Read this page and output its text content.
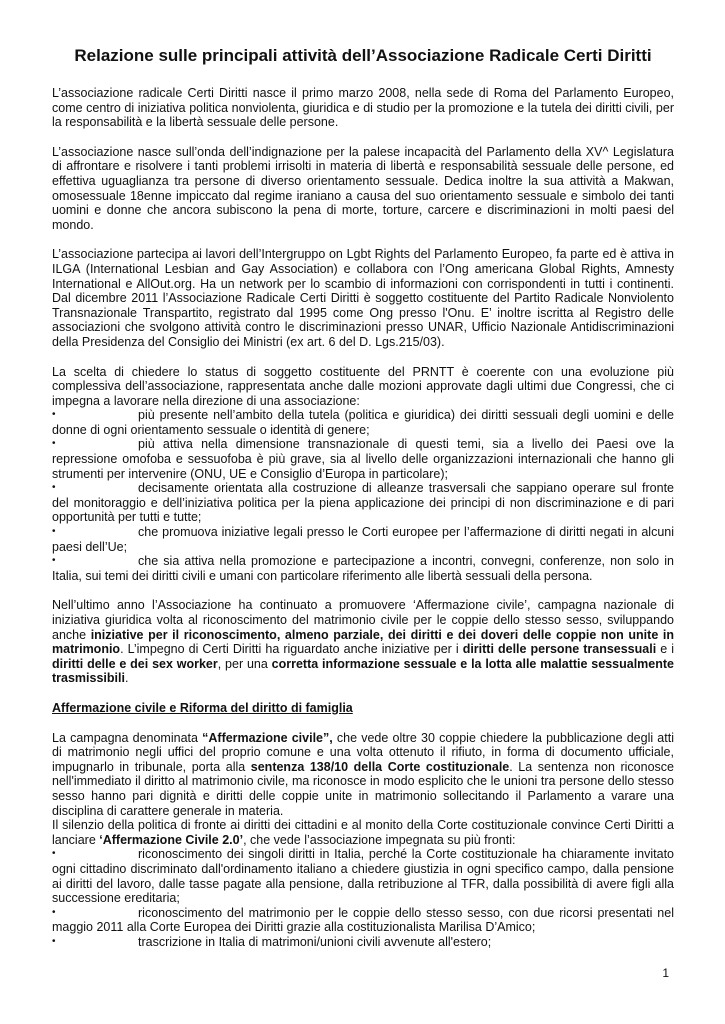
Relazione sulle principali attività dell’Associazione Radicale Certi Diritti

L’associazione radicale Certi Diritti nasce il primo marzo 2008, nella sede di Roma del Parlamento Europeo, come centro di iniziativa politica nonviolenta, giuridica e di studio per la promozione e la tutela dei diritti civili, per la responsabilità e la libertà sessuale delle persone.

L’associazione nasce sull’onda dell’indignazione per la palese incapacità del Parlamento della XV^ Legislatura di affrontare e risolvere i tanti problemi irrisolti in materia di libertà e responsabilità sessuale delle persone, ed effettiva uguaglianza tra persone di diverso orientamento sessuale. Dedica inoltre la sua attività a Makwan, omosessuale 18enne impiccato dal regime iraniano a causa del suo orientamento sessuale e simbolo dei tanti uomini e donne che ancora subiscono la pena di morte, torture, carcere e discriminazioni in molti paesi del mondo.

L’associazione partecipa ai lavori dell’Intergruppo on Lgbt Rights del Parlamento Europeo, fa parte ed è attiva in ILGA (International Lesbian and Gay Association) e collabora con l’Ong americana Global Rights, Amnesty International e AllOut.org. Ha un network per lo scambio di informazioni con corrispondenti in tutti i continenti. Dal dicembre 2011 l’Associazione Radicale Certi Diritti è soggetto costituente del Partito Radicale Nonviolento Transnazionale Transpartito, registrato dal 1995 come Ong presso l'Onu. E’ inoltre iscritta al Registro delle associazioni che svolgono attività contro le discriminazioni presso UNAR, Ufficio Nazionale Antidiscriminazioni della Presidenza del Consiglio dei Ministri (ex art. 6 del D. Lgs.215/03).

La scelta di chiedere lo status di soggetto costituente del PRNTT è coerente con una evoluzione più complessiva dell’associazione, rappresentata anche dalle mozioni approvate dagli ultimi due Congressi, che ci impegna a lavorare nella direzione di una associazione:

•	più presente nell’ambito della tutela (politica e giuridica) dei diritti sessuali degli uomini e delle donne di ogni orientamento sessuale o identità di genere;
•	più attiva nella dimensione transnazionale di questi temi, sia a livello dei Paesi ove la repressione omofoba e sessuofoba è più grave, sia al livello delle organizzazioni internazionali che hanno gli strumenti per intervenire (ONU, UE e Consiglio d’Europa in particolare);
•	decisamente orientata alla costruzione di alleanze trasversali che sappiano operare sul fronte del monitoraggio e dell’iniziativa politica per la piena applicazione dei principi di non discriminazione e di pari opportunità per tutti e tutte;
•	che promuova iniziative legali presso le Corti europee per l’affermazione di diritti negati in alcuni paesi dell’Ue;
•	che sia attiva nella promozione e partecipazione a incontri, convegni, conferenze, non solo in Italia, sui temi dei diritti civili e umani con particolare riferimento alle libertà sessuali della persona.

Nell’ultimo anno l’Associazione ha continuato a promuovere ‘Affermazione civile’, campagna nazionale di iniziativa giuridica volta al riconoscimento del matrimonio civile per le coppie dello stesso sesso, sviluppando anche iniziative per il riconoscimento, almeno parziale, dei diritti e dei doveri delle coppie non unite in matrimonio. L’impegno di Certi Diritti ha riguardato anche iniziative per i diritti delle persone transessuali e i diritti delle e dei sex worker, per una corretta informazione sessuale e la lotta alle malattie sessualmente trasmissibili.

Affermazione civile e Riforma del diritto di famiglia

La campagna denominata “Affermazione civile”, che vede oltre 30 coppie chiedere la pubblicazione degli atti di matrimonio negli uffici del proprio comune e una volta ottenuto il rifiuto, in forma di documento ufficiale, impugnarlo in tribunale, porta alla sentenza 138/10 della Corte costituzionale. La sentenza non riconosce nell'immediato il diritto al matrimonio civile, ma riconosce in modo esplicito che le unioni tra persone dello stesso sesso hanno pari dignità e diritti delle coppie unite in matrimonio sollecitando il Parlamento a varare una disciplina di carattere generale in materia.

Il silenzio della politica di fronte ai diritti dei cittadini e al monito della Corte costituzionale convince Certi Diritti a lanciare ‘Affermazione Civile 2.0’, che vede l’associazione impegnata su più fronti:

•	riconoscimento dei singoli diritti in Italia, perché la Corte costituzionale ha chiaramente invitato ogni cittadino discriminato dall'ordinamento italiano a chiedere giustizia in ogni specifico campo, dalla pensione ai diritti del lavoro, dalle tasse pagate alla pensione, dalla retribuzione al TFR, dalla possibilità di avere figli alla successione ereditaria;
•	riconoscimento del matrimonio per le coppie dello stesso sesso, con due ricorsi presentati nel maggio 2011 alla Corte Europea dei Diritti grazie alla costituzionalista Marilisa D’Amico;
•	trascrizione in Italia di matrimoni/unioni civili avvenute all'estero;
1
